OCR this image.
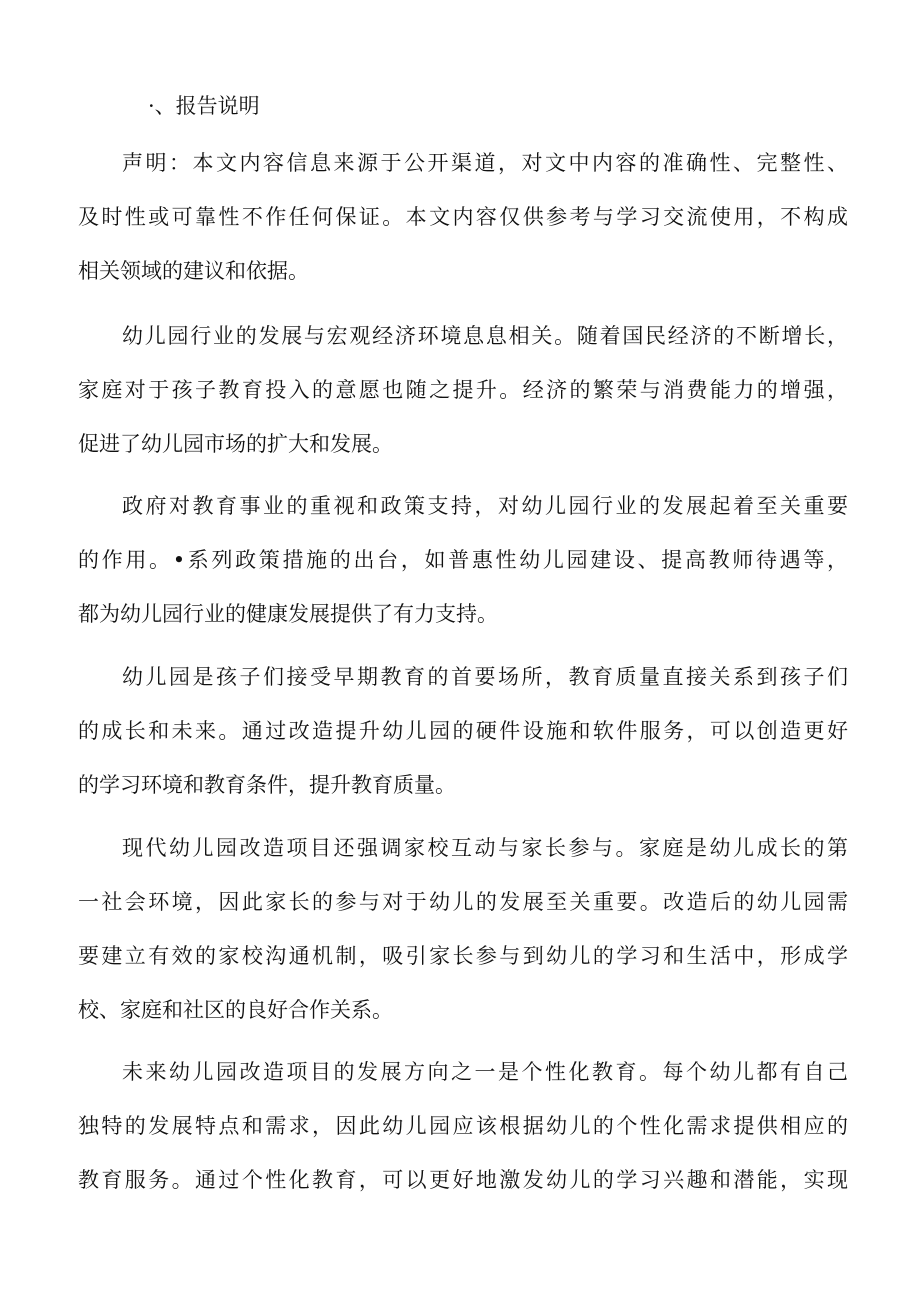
·、报告说明
声明：本文内容信息来源于公开渠道，对文中内容的准确性、完整性、
及时性或可靠性不作任何保证。本文内容仅供参考与学习交流使用，不构成
相关领域的建议和依据。
幼儿园行业的发展与宏观经济环境息息相关。随着国民经济的不断增长，
家庭对于孩子教育投入的意愿也随之提升。经济的繁荣与消费能力的增强，
促进了幼儿园市场的扩大和发展。
政府对教育事业的重视和政策支持，对幼儿园行业的发展起着至关重要
的作用。•系列政策措施的出台，如普惠性幼儿园建设、提高教师待遇等，
都为幼儿园行业的健康发展提供了有力支持。
幼儿园是孩子们接受早期教育的首要场所，教育质量直接关系到孩子们
的成长和未来。通过改造提升幼儿园的硬件设施和软件服务，可以创造更好
的学习环境和教育条件，提升教育质量。
现代幼儿园改造项目还强调家校互动与家长参与。家庭是幼儿成长的第
一社会环境，因此家长的参与对于幼儿的发展至关重要。改造后的幼儿园需
要建立有效的家校沟通机制，吸引家长参与到幼儿的学习和生活中，形成学
校、家庭和社区的良好合作关系。
未来幼儿园改造项目的发展方向之一是个性化教育。每个幼儿都有自己
独特的发展特点和需求，因此幼儿园应该根据幼儿的个性化需求提供相应的
教育服务。通过个性化教育，可以更好地激发幼儿的学习兴趣和潜能，实现
